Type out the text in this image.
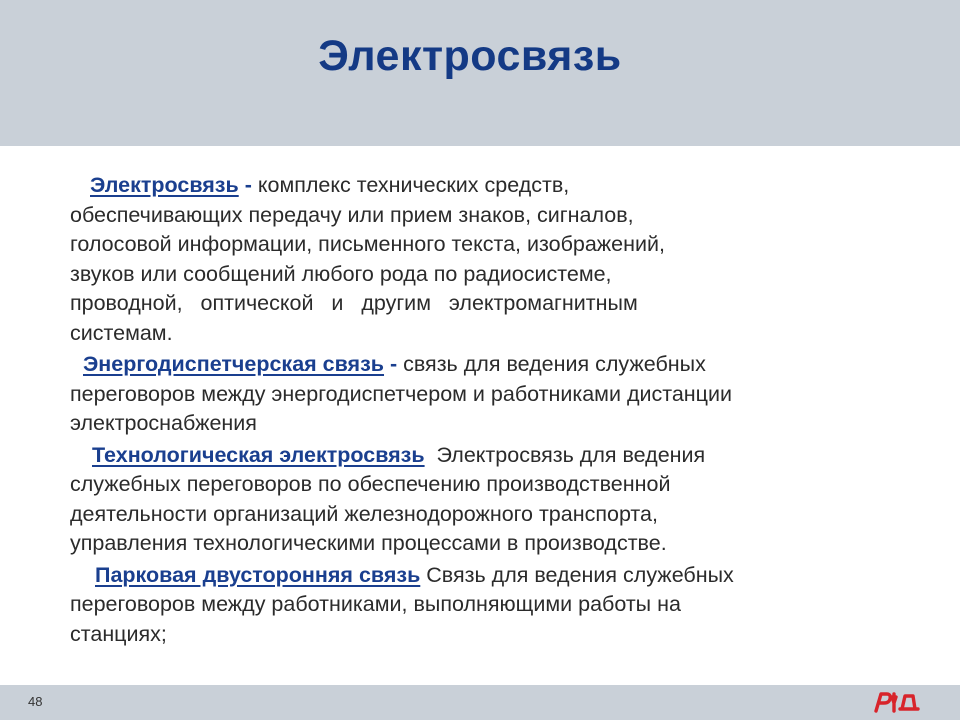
Электросвязь
Электросвязь - комплекс технических средств,
обеспечивающих передачу или прием знаков, сигналов,
голосовой информации, письменного текста, изображений,
звуков или сообщений любого рода по радиосистеме,
проводной,   оптической   и   другим   электромагнитным
системам.
Энергодиспетчерская связь - связь для ведения служебных
переговоров между энергодиспетчером и работниками дистанции
электроснабжения
Технологическая электросвязь  Электросвязь для ведения
служебных переговоров по обеспечению производственной
деятельности организаций железнодорожного транспорта,
управления технологическими процессами в производстве.
Парковая двусторонняя связь Связь для ведения служебных
переговоров между работниками, выполняющими работы на
станциях;
48
